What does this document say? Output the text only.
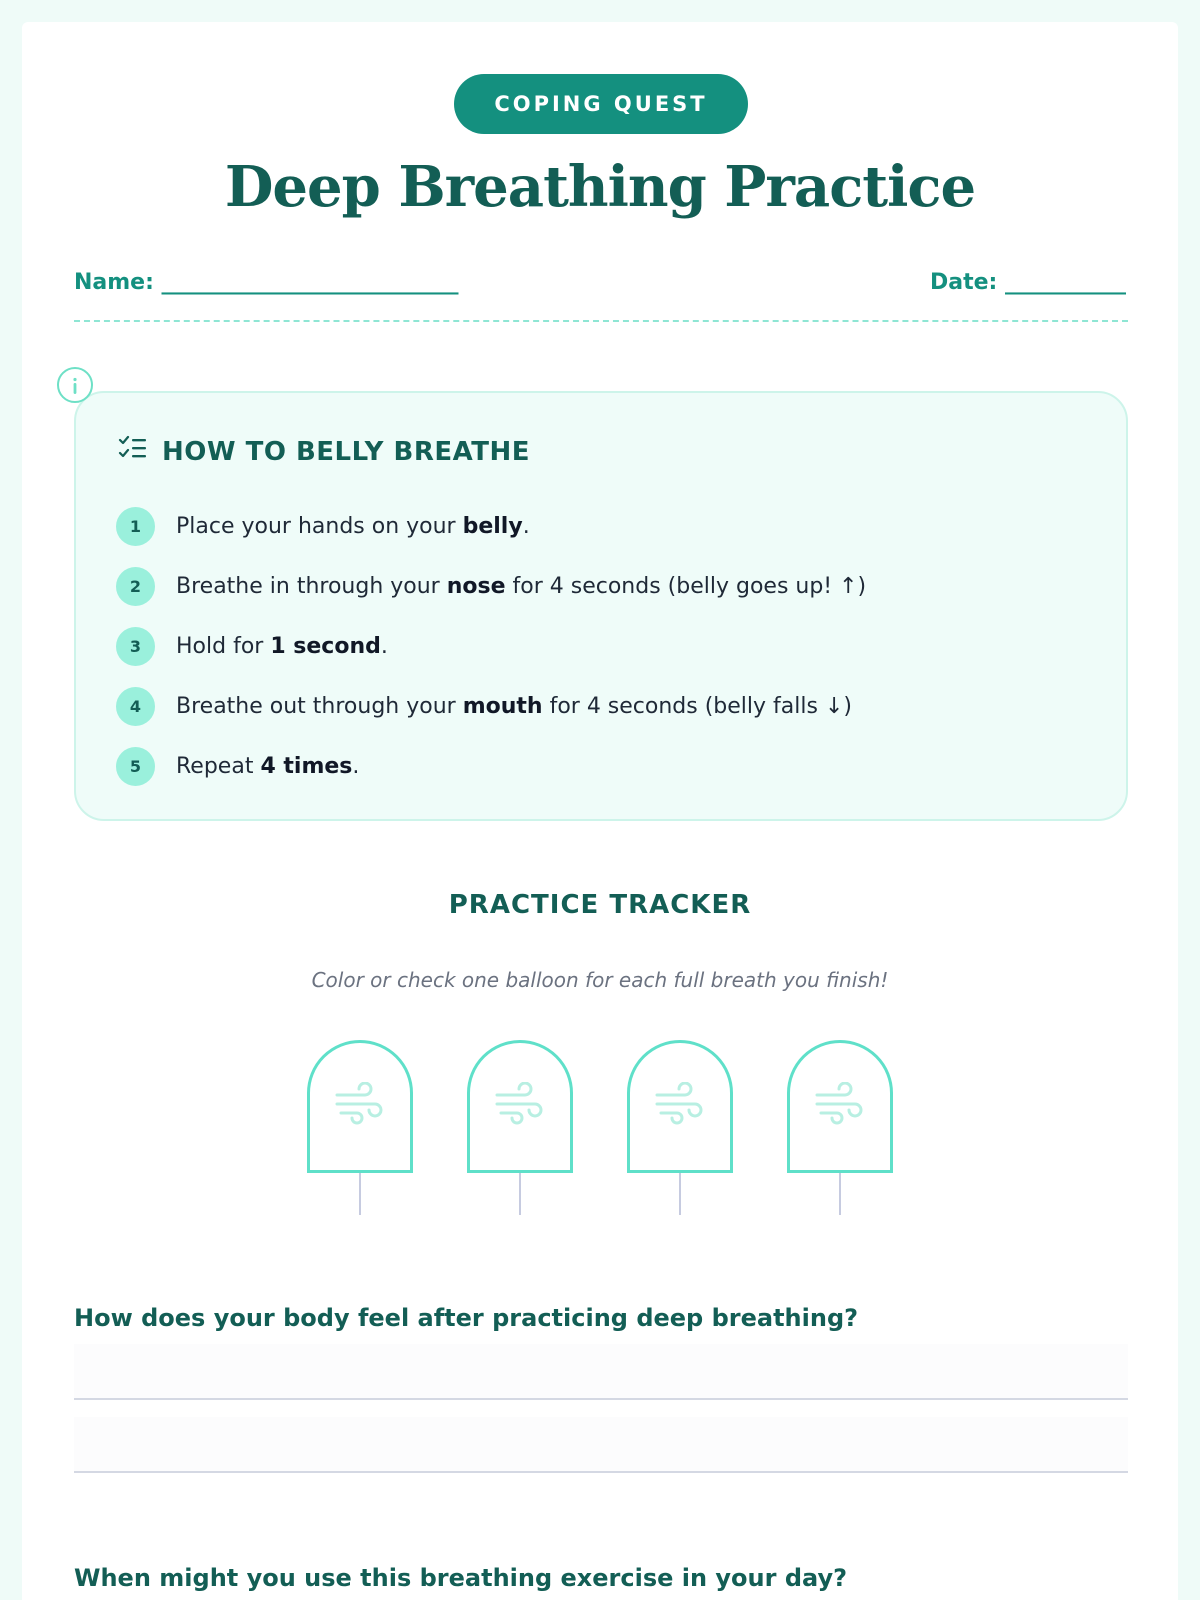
COPING QUEST
Deep Breathing Practice
Name: ___________________________	Date: ___________
HOW TO BELLY BREATHE
1	Place your hands on your belly.
2	Breathe in through your nose for 4 seconds (belly goes up! ↑)
3	Hold for 1 second.
4	Breathe out through your mouth for 4 seconds (belly falls ↓)
5	Repeat 4 times.
PRACTICE TRACKER

Color or check one balloon for each full breath you finish!

How does your body feel after practicing deep breathing?
When might you use this breathing exercise in your day?
